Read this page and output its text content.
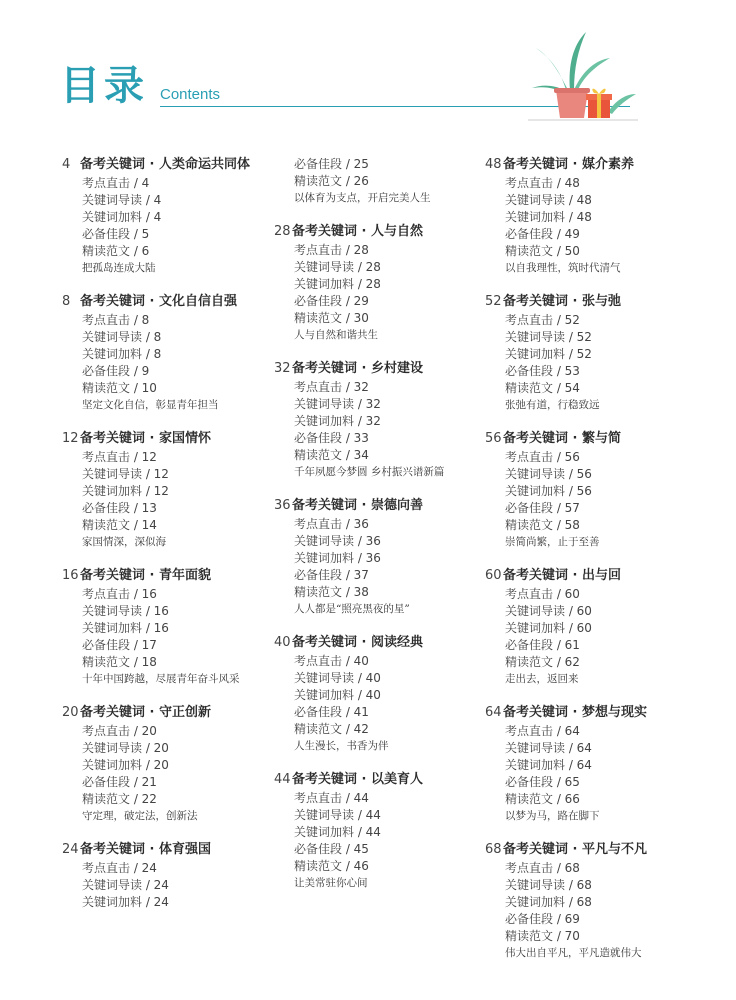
目录 Contents
4 备考关键词 · 人类命运共同体
考点直击 / 4
关键词导读 / 4
关键词加料 / 4
必备佳段 / 5
精读范文 / 6
把孤岛连成大陆
8 备考关键词 · 文化自信自强
考点直击 / 8
关键词导读 / 8
关键词加料 / 8
必备佳段 / 9
精读范文 / 10
坚定文化自信，彰显青年担当
12 备考关键词 · 家国情怀
考点直击 / 12
关键词导读 / 12
关键词加料 / 12
必备佳段 / 13
精读范文 / 14
家国情深，深似海
16 备考关键词 · 青年面貌
考点直击 / 16
关键词导读 / 16
关键词加料 / 16
必备佳段 / 17
精读范文 / 18
十年中国跨越，尽展青年奋斗风采
20 备考关键词 · 守正创新
考点直击 / 20
关键词导读 / 20
关键词加料 / 20
必备佳段 / 21
精读范文 / 22
守定理，破定法，创新法
24 备考关键词 · 体育强国
考点直击 / 24
关键词导读 / 24
关键词加料 / 24
必备佳段 / 25
精读范文 / 26
以体育为支点，开启完美人生
28 备考关键词 · 人与自然
考点直击 / 28
关键词导读 / 28
关键词加料 / 28
必备佳段 / 29
精读范文 / 30
人与自然和谐共生
32 备考关键词 · 乡村建设
考点直击 / 32
关键词导读 / 32
关键词加料 / 32
必备佳段 / 33
精读范文 / 34
千年夙愿今梦圆 乡村振兴谱新篇
36 备考关键词 · 崇德向善
考点直击 / 36
关键词导读 / 36
关键词加料 / 36
必备佳段 / 37
精读范文 / 38
人人都是“照亮黑夜的星”
40 备考关键词 · 阅读经典
考点直击 / 40
关键词导读 / 40
关键词加料 / 40
必备佳段 / 41
精读范文 / 42
人生漫长，书香为伴
44 备考关键词 · 以美育人
考点直击 / 44
关键词导读 / 44
关键词加料 / 44
必备佳段 / 45
精读范文 / 46
让美常驻你心间
48 备考关键词 · 媒介素养
考点直击 / 48
关键词导读 / 48
关键词加料 / 48
必备佳段 / 49
精读范文 / 50
以自我理性，筑时代清气
52 备考关键词 · 张与弛
考点直击 / 52
关键词导读 / 52
关键词加料 / 52
必备佳段 / 53
精读范文 / 54
张弛有道，行稳致远
56 备考关键词 · 繁与简
考点直击 / 56
关键词导读 / 56
关键词加料 / 56
必备佳段 / 57
精读范文 / 58
崇简尚繁，止于至善
60 备考关键词 · 出与回
考点直击 / 60
关键词导读 / 60
关键词加料 / 60
必备佳段 / 61
精读范文 / 62
走出去，返回来
64 备考关键词 · 梦想与现实
考点直击 / 64
关键词导读 / 64
关键词加料 / 64
必备佳段 / 65
精读范文 / 66
以梦为马，路在脚下
68 备考关键词 · 平凡与不凡
考点直击 / 68
关键词导读 / 68
关键词加料 / 68
必备佳段 / 69
精读范文 / 70
伟大出自平凡，平凡造就伟大
